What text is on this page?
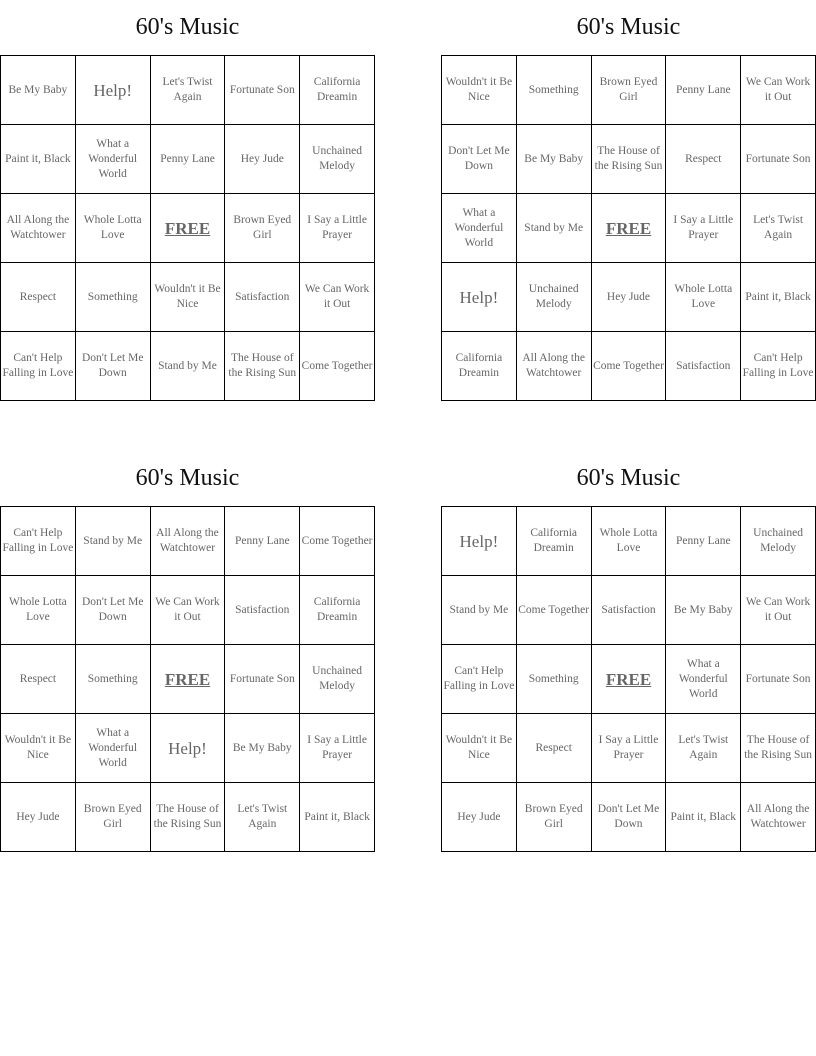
60's Music
Be My Baby	Help!	Let's Twist Again	Fortunate Son	California Dreamin
Paint it, Black	What a Wonderful World	Penny Lane	Hey Jude	Unchained Melody
All Along the Watchtower	Whole Lotta Love	FREE	Brown Eyed Girl	I Say a Little Prayer
Respect	Something	Wouldn't it Be Nice	Satisfaction	We Can Work it Out
Can't Help Falling in Love	Don't Let Me Down	Stand by Me	The House of the Rising Sun	Come Together
60's Music
Wouldn't it Be Nice	Something	Brown Eyed Girl	Penny Lane	We Can Work it Out
Don't Let Me Down	Be My Baby	The House of the Rising Sun	Respect	Fortunate Son
What a Wonderful World	Stand by Me	FREE	I Say a Little Prayer	Let's Twist Again
Help!	Unchained Melody	Hey Jude	Whole Lotta Love	Paint it, Black
California Dreamin	All Along the Watchtower	Come Together	Satisfaction	Can't Help Falling in Love
60's Music
Can't Help Falling in Love	Stand by Me	All Along the Watchtower	Penny Lane	Come Together
Whole Lotta Love	Don't Let Me Down	We Can Work it Out	Satisfaction	California Dreamin
Respect	Something	FREE	Fortunate Son	Unchained Melody
Wouldn't it Be Nice	What a Wonderful World	Help!	Be My Baby	I Say a Little Prayer
Hey Jude	Brown Eyed Girl	The House of the Rising Sun	Let's Twist Again	Paint it, Black
60's Music
Help!	California Dreamin	Whole Lotta Love	Penny Lane	Unchained Melody
Stand by Me	Come Together	Satisfaction	Be My Baby	We Can Work it Out
Can't Help Falling in Love	Something	FREE	What a Wonderful World	Fortunate Son
Wouldn't it Be Nice	Respect	I Say a Little Prayer	Let's Twist Again	The House of the Rising Sun
Hey Jude	Brown Eyed Girl	Don't Let Me Down	Paint it, Black	All Along the Watchtower
